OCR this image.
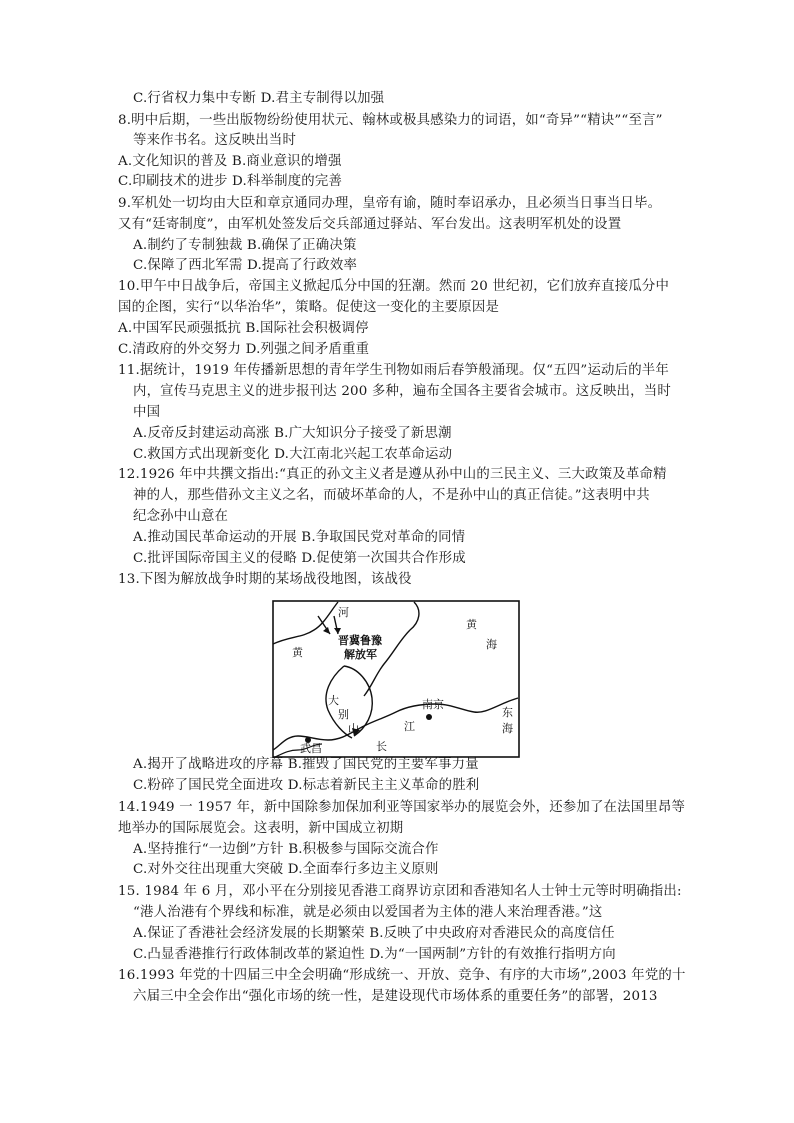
C.行省权力集中专断 D.君主专制得以加强
8.明中后期，一些出版物纷纷使用状元、翰林或极具感染力的词语，如“奇异”“精诀”“至言”
等来作书名。这反映出当时
A.文化知识的普及 B.商业意识的增强
C.印刷技术的进步 D.科举制度的完善
9.军机处一切均由大臣和章京通同办理，皇帝有谕，随时奉诏承办，且必须当日事当日毕。
又有“廷寄制度”，由军机处签发后交兵部通过驿站、军台发出。这表明军机处的设置
A.制约了专制独裁 B.确保了正确决策
C.保障了西北军需 D.提高了行政效率
10.甲午中日战争后，帝国主义掀起瓜分中国的狂潮。然而 20 世纪初，它们放弃直接瓜分中
国的企图，实行“以华治华”，策略。促使这一变化的主要原因是
A.中国军民顽强抵抗 B.国际社会积极调停
C.清政府的外交努力 D.列强之间矛盾重重
11.据统计，1919 年传播新思想的青年学生刊物如雨后春笋般涌现。仅“五四”运动后的半年
内，宣传马克思主义的进步报刊达 200 多种，遍布全国各主要省会城市。这反映出，当时
中国
A.反帝反封建运动高涨 B.广大知识分子接受了新思潮
C.救国方式出现新变化 D.大江南北兴起工农革命运动
12.1926 年中共撰文指出:“真正的孙文主义者是遵从孙中山的三民主义、三大政策及革命精
神的人，那些借孙文主义之名，而破坏革命的人，不是孙中山的真正信徒。”这表明中共
纪念孙中山意在
A.推动国民革命运动的开展 B.争取国民党对革命的同情
C.批评国际帝国主义的侵略 D.促使第一次国共合作形成
13.下图为解放战争时期的某场战役地图，该战役
A.揭开了战略进攻的序幕 B.摧毁了国民党的主要军事力量
C.粉碎了国民党全面进攻 D.标志着新民主主义革命的胜利
14.1949 一 1957 年，新中国除参加保加利亚等国家举办的展览会外，还参加了在法国里昂等
地举办的国际展览会。这表明，新中国成立初期
A.坚持推行“一边倒”方针 B.积极参与国际交流合作
C.对外交往出现重大突破 D.全面奉行多边主义原则
15. 1984 年 6 月，邓小平在分别接见香港工商界访京团和香港知名人士钟士元等时明确指出:
“港人治港有个界线和标准，就是必须由以爱国者为主体的港人来治理香港。”这
A.保证了香港社会经济发展的长期繁荣 B.反映了中央政府对香港民众的高度信任
C.凸显香港推行行政体制改革的紧迫性 D.为“一国两制”方针的有效推行指明方向
16.1993 年党的十四届三中全会明确“形成统一、开放、竞争、有序的大市场”,2003 年党的十
六届三中全会作出“强化市场的统一性，是建设现代市场体系的重要任务”的部署，2013
河
黄
黄
海
晋冀鲁豫
解放军
大
别
山
南京
江
长
武昌
东
海
